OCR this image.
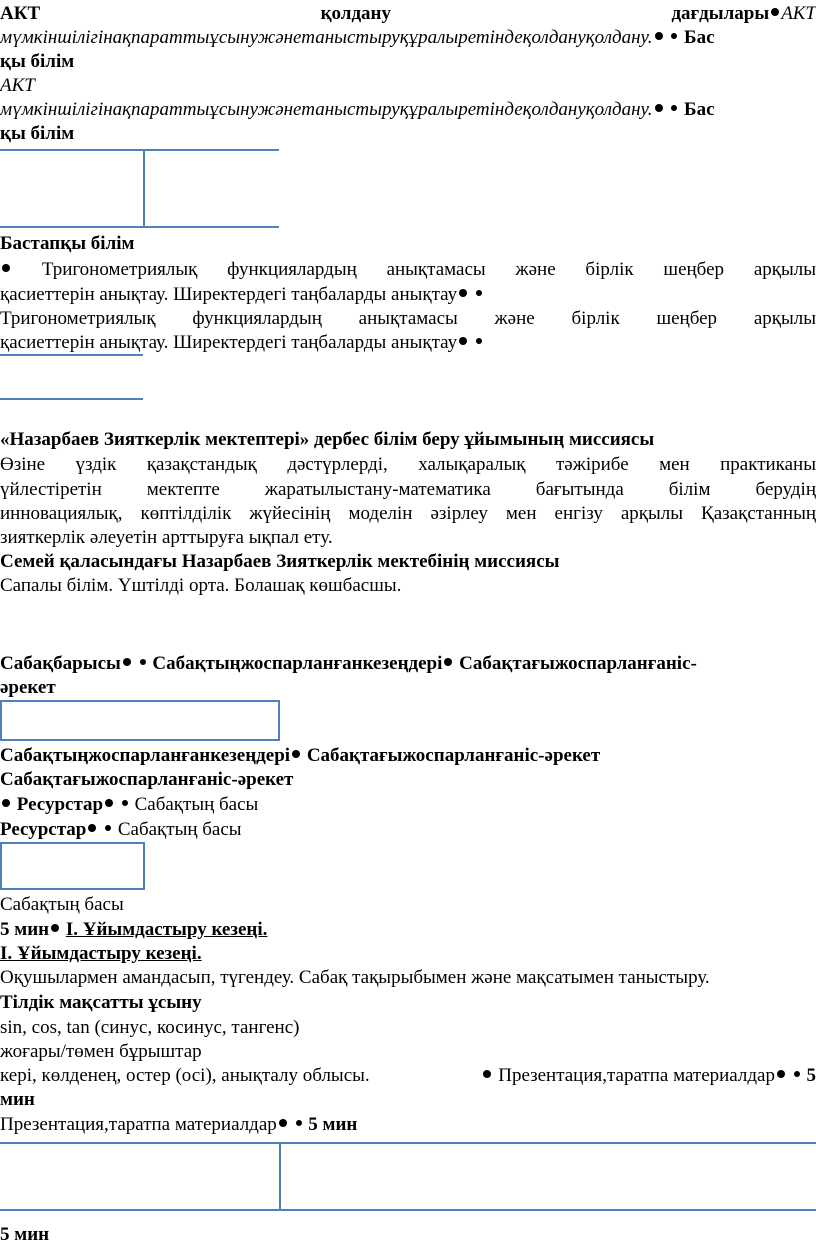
АКТ	қолдану	дағдылары АКТ
мүмкіншілігінақпараттыұсынужәнетаныстыруқұралыретіндеқолдануқолдану. Бас
қы білім
АКТ
мүмкіншілігінақпараттыұсынужәнетаныстыруқұралыретіндеқолдануқолдану. Бас
қы білім
Бастапқы білім
Тригонометриялық функциялардың анықтамасы және бірлік шеңбер арқылы
қасиеттерін анықтау. Ширектердегі таңбаларды анықтау
Тригонометриялық функциялардың анықтамасы және бірлік шеңбер арқылы
қасиеттерін анықтау. Ширектердегі таңбаларды анықтау
«Назарбаев Зияткерлік мектептері» дербес білім беру ұйымының миссиясы
Өзіне үздік қазақстандық дәстүрлерді, халықаралық тәжірибе мен практиканы
үйлестіретін мектепте жаратылыстану-математика бағытында білім берудің
инновациялық, көптілділік жүйесінің моделін әзірлеу мен енгізу арқылы Қазақстанның
зияткерлік әлеуетін арттыруға ықпал ету.
Семей қаласындағы Назарбаев Зияткерлік мектебінің миссиясы
Сапалы білім. Үштілді орта. Болашақ көшбасшы.
Сабақбарысы Сабақтыңжоспарланғанкезеңдері Сабақтағыжоспарланғаніс-
әрекет
Сабақтыңжоспарланғанкезеңдері Сабақтағыжоспарланғаніс-әрекет
Сабақтағыжоспарланғаніс-әрекет
Ресурстар Сабақтың басы
Ресурстар Сабақтың басы
Сабақтың басы
5 мин I. Ұйымдастыру кезеңі.
I. Ұйымдастыру кезеңі.
Оқушылармен амандасып, түгендеу. Сабақ тақырыбымен және мақсатымен таныстыру.
Тілдік мақсатты ұсыну
sin, cos, tan (синус, косинус, тангенс)
жоғары/төмен бұрыштар
кері, көлденең, остер (осі), анықталу облысы.	Презентация,таратпа материалдар 5
мин
Презентация,таратпа материалдар 5 мин
5 мин
